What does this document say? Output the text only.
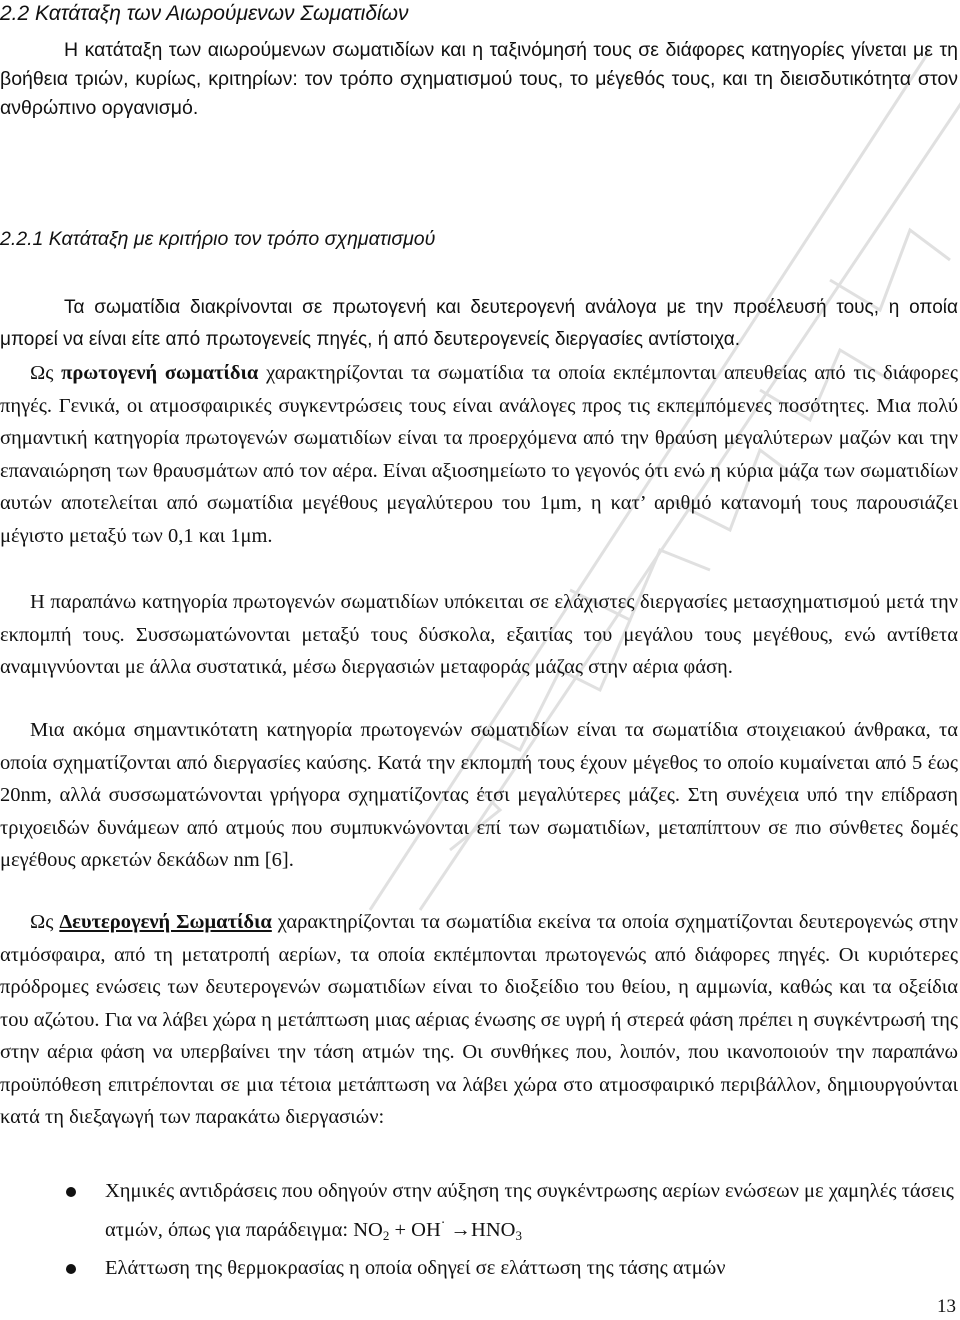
2.2 Κατάταξη των Αιωρούμενων Σωματιδίων

Η κατάταξη των αιωρούμενων σωματιδίων και η ταξινόμησή τους σε διάφορες κατηγορίες γίνεται με τη βοήθεια τριών, κυρίως, κριτηρίων: τον τρόπο σχηματισμού τους, το μέγεθός τους, και τη διεισδυτικότητα στον ανθρώπινο οργανισμό.

2.2.1 Κατάταξη με κριτήριο τον τρόπο σχηματισμού

Τα σωματίδια διακρίνονται σε πρωτογενή και δευτερογενή ανάλογα με την προέλευσή τους, η οποία μπορεί να είναι είτε από πρωτογενείς πηγές, ή από δευτερογενείς διεργασίες αντίστοιχα.

Ως πρωτογενή σωματίδια χαρακτηρίζονται τα σωματίδια τα οποία εκπέμπονται απευθείας από τις διάφορες πηγές. Γενικά, οι ατμοσφαιρικές συγκεντρώσεις τους είναι ανάλογες προς τις εκπεμπόμενες ποσότητες. Μια πολύ σημαντική κατηγορία πρωτογενών σωματιδίων είναι τα προερχόμενα από την θραύση μεγαλύτερων μαζών και την επαναιώρηση των θραυσμάτων από τον αέρα. Είναι αξιοσημείωτο το γεγονός ότι ενώ η κύρια μάζα των σωματιδίων αυτών αποτελείται από σωματίδια μεγέθους μεγαλύτερου του 1μm, η κατ’ αριθμό κατανομή τους παρουσιάζει μέγιστο μεταξύ των 0,1 και 1μm.

Η παραπάνω κατηγορία πρωτογενών σωματιδίων υπόκειται σε ελάχιστες διεργασίες μετασχηματισμού μετά την εκπομπή τους. Συσσωματώνονται μεταξύ τους δύσκολα, εξαιτίας του μεγάλου τους μεγέθους, ενώ αντίθετα αναμιγνύονται με άλλα συστατικά, μέσω διεργασιών μεταφοράς μάζας στην αέρια φάση.

Μια ακόμα σημαντικότατη κατηγορία πρωτογενών σωματιδίων είναι τα σωματίδια στοιχειακού άνθρακα, τα οποία σχηματίζονται από διεργασίες καύσης. Κατά την εκπομπή τους έχουν μέγεθος το οποίο κυμαίνεται από 5 έως 20nm, αλλά συσσωματώνονται γρήγορα σχηματίζοντας έτσι μεγαλύτερες μάζες. Στη συνέχεια υπό την επίδραση τριχοειδών δυνάμεων από ατμούς που συμπυκνώνονται επί των σωματιδίων, μεταπίπτουν σε πιο σύνθετες δομές μεγέθους αρκετών δεκάδων nm [6].

Ως Δευτερογενή Σωματίδια χαρακτηρίζονται τα σωματίδια εκείνα τα οποία σχηματίζονται δευτερογενώς στην ατμόσφαιρα, από τη μετατροπή αερίων, τα οποία εκπέμπονται πρωτογενώς από διάφορες πηγές. Οι κυριότερες πρόδρομες ενώσεις των δευτερογενών σωματιδίων είναι το διοξείδιο του θείου, η αμμωνία, καθώς και τα οξείδια του αζώτου. Για να λάβει χώρα η μετάπτωση μιας αέριας ένωσης σε υγρή ή στερεά φάση πρέπει η συγκέντρωσή της στην αέρια φάση να υπερβαίνει την τάση ατμών της. Οι συνθήκες που, λοιπόν, που ικανοποιούν την παραπάνω προϋπόθεση επιτρέπονται σε μια τέτοια μετάπτωση να λάβει χώρα στο ατμοσφαιρικό περιβάλλον, δημιουργούνται κατά τη διεξαγωγή των παρακάτω διεργασιών:

Χημικές αντιδράσεις που οδηγούν στην αύξηση της συγκέντρωσης αερίων ενώσεων με χαμηλές τάσεις ατμών, όπως για παράδειγμα: $NO_2 + OH^\cdot \to HNO_3$
Ελάττωση της θερμοκρασίας η οποία οδηγεί σε ελάττωση της τάσης ατμών

13
